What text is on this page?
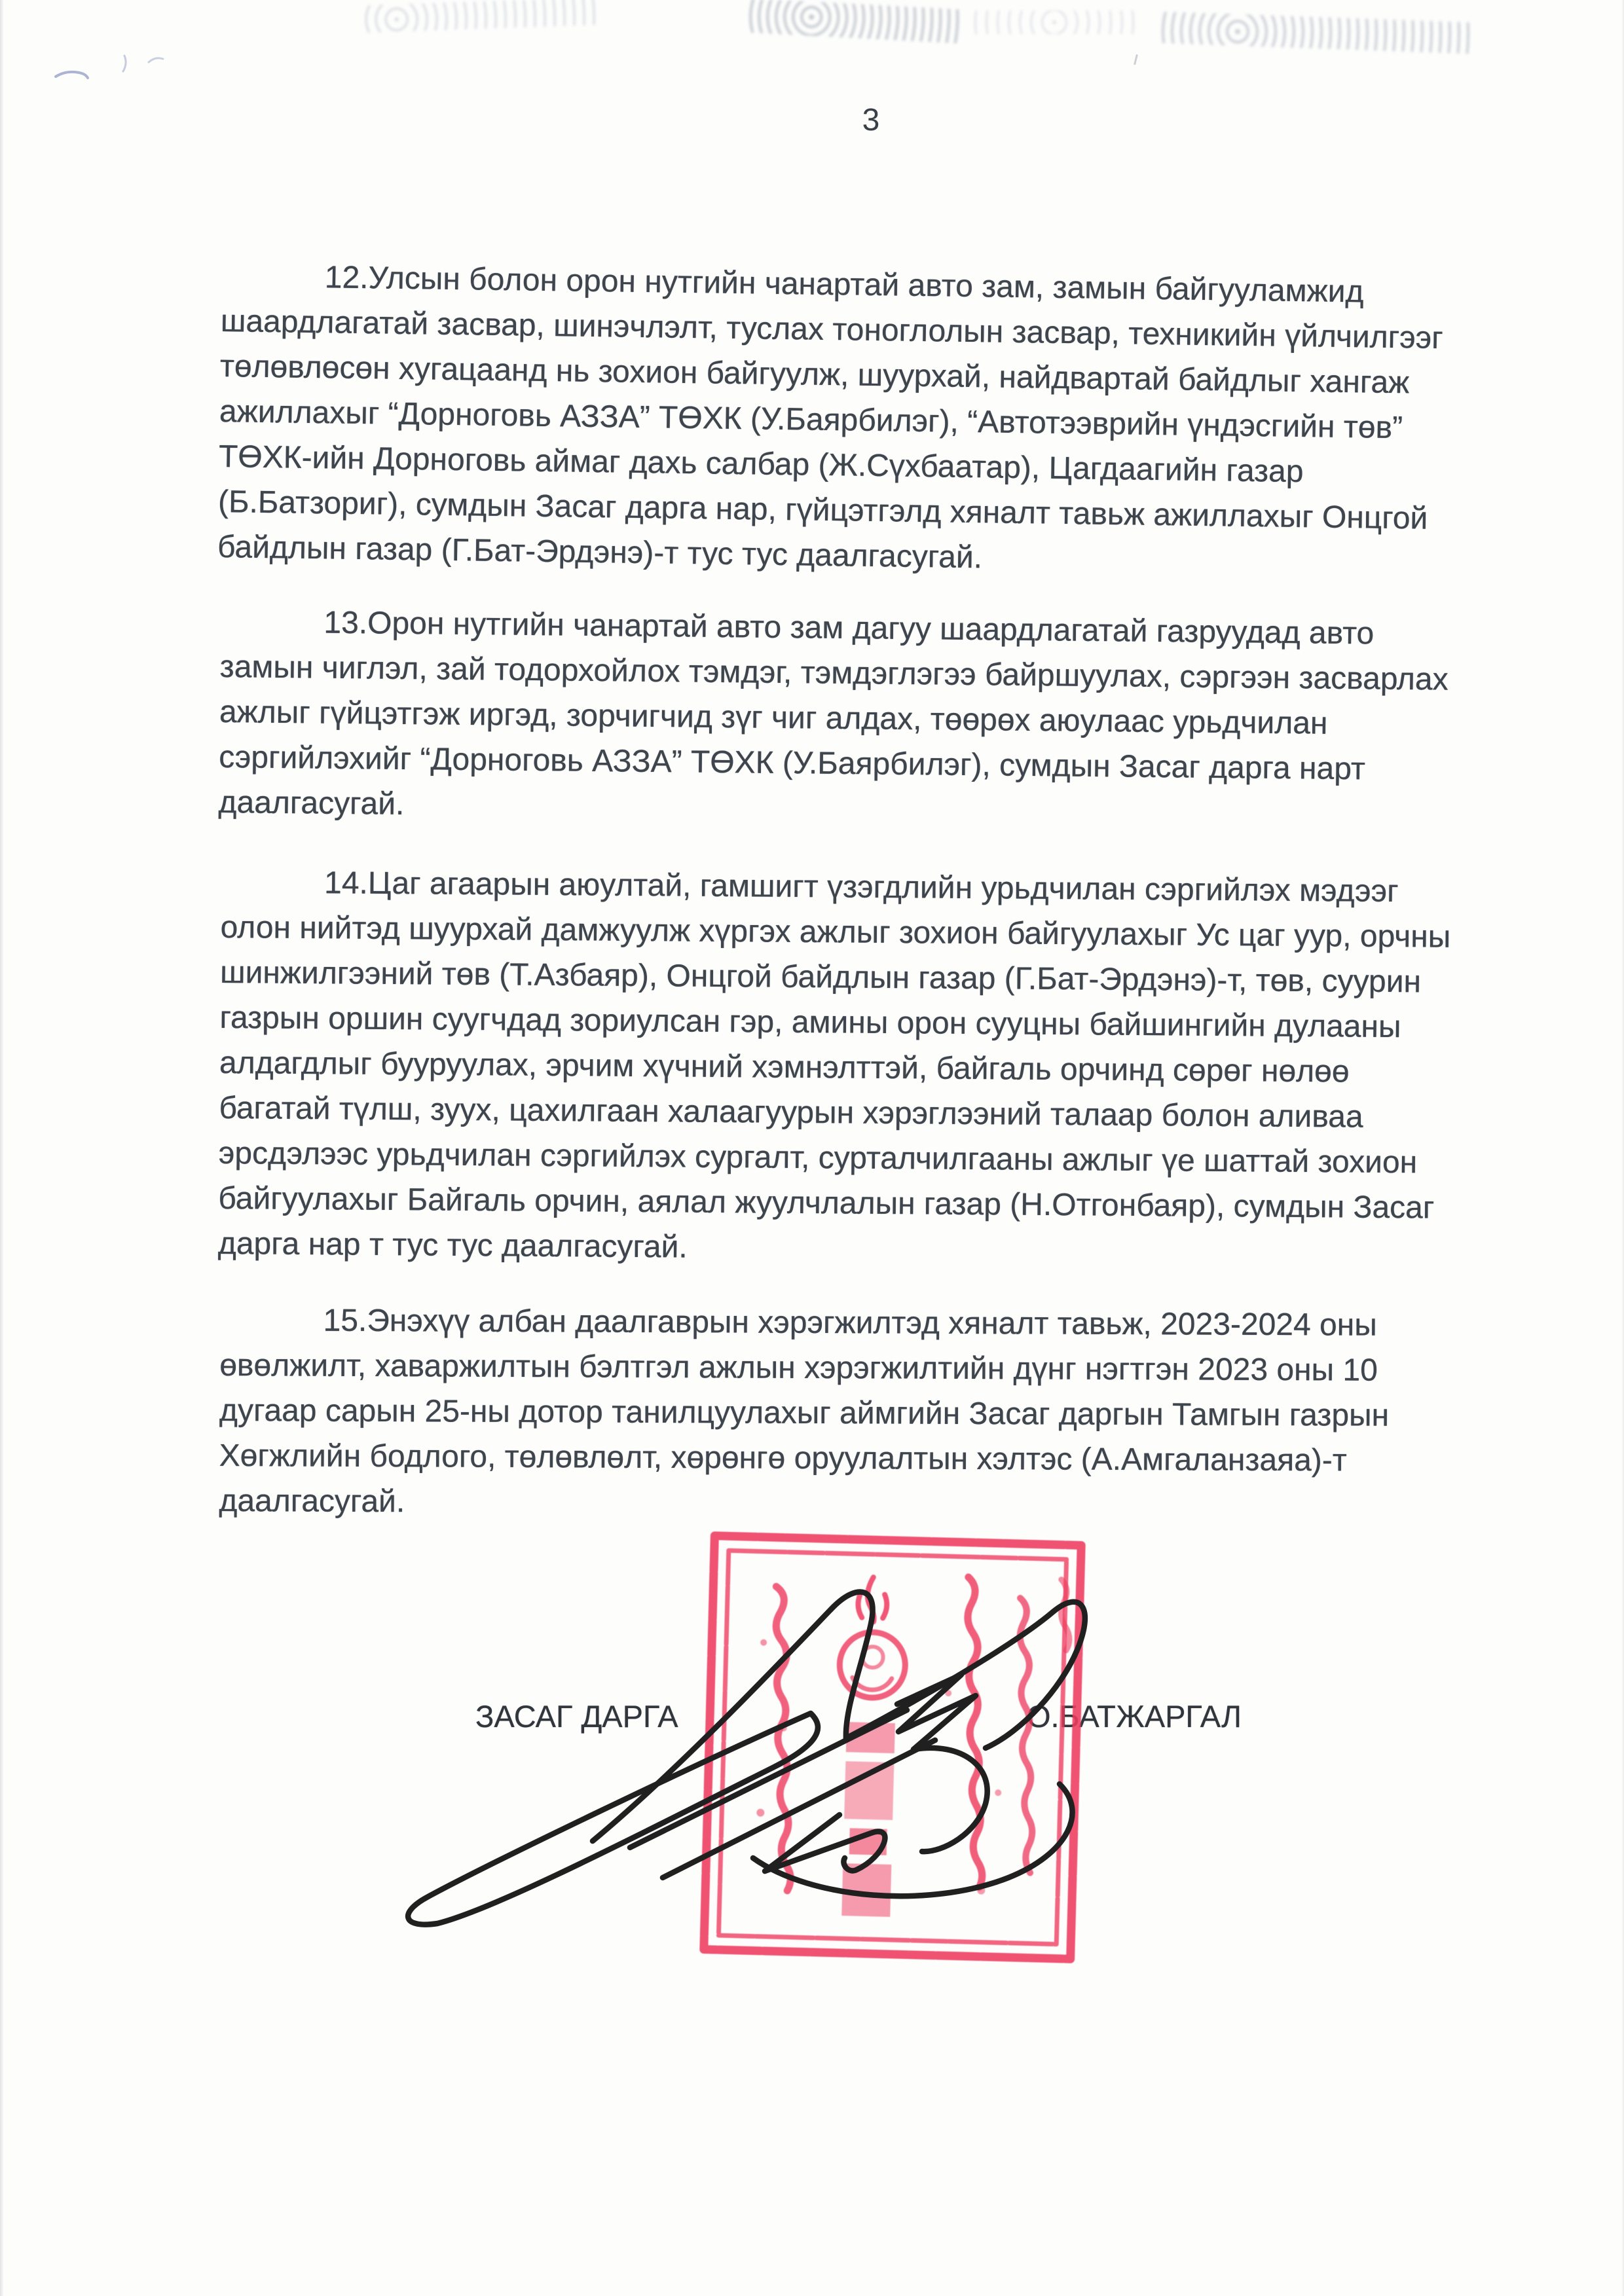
3
12.Улсын болон орон нутгийн чанартай авто зам, замын байгууламжид
шаардлагатай засвар, шинэчлэлт, туслах тоноглолын засвар, техникийн үйлчилгээг
төлөвлөсөн хугацаанд нь зохион байгуулж, шуурхай, найдвартай байдлыг хангаж
ажиллахыг “Дорноговь АЗЗА” ТӨХК (У.Баярбилэг), “Автотээврийн үндэсгийн төв”
ТӨХК-ийн Дорноговь аймаг дахь салбар (Ж.Сүхбаатар), Цагдаагийн газар
(Б.Батзориг), сумдын Засаг дарга нар, гүйцэтгэлд хяналт тавьж ажиллахыг Онцгой
байдлын газар (Г.Бат-Эрдэнэ)-т тус тус даалгасугай.
13.Орон нутгийн чанартай авто зам дагуу шаардлагатай газруудад авто
замын чиглэл, зай тодорхойлох тэмдэг, тэмдэглэгээ байршуулах, сэргээн засварлах
ажлыг гүйцэтгэж иргэд, зорчигчид зүг чиг алдах, төөрөх аюулаас урьдчилан
сэргийлэхийг “Дорноговь АЗЗА” ТӨХК (У.Баярбилэг), сумдын Засаг дарга нарт
даалгасугай.
14.Цаг агаарын аюултай, гамшигт үзэгдлийн урьдчилан сэргийлэх мэдээг
олон нийтэд шуурхай дамжуулж хүргэх ажлыг зохион байгуулахыг Ус цаг уур, орчны
шинжилгээний төв (Т.Азбаяр), Онцгой байдлын газар (Г.Бат-Эрдэнэ)-т, төв, суурин
газрын оршин суугчдад зориулсан гэр, амины орон сууцны байшингийн дулааны
алдагдлыг бууруулах, эрчим хүчний хэмнэлттэй, байгаль орчинд сөрөг нөлөө
багатай түлш, зуух, цахилгаан халаагуурын хэрэглээний талаар болон аливаа
эрсдэлээс урьдчилан сэргийлэх сургалт, сурталчилгааны ажлыг үе шаттай зохион
байгуулахыг Байгаль орчин, аялал жуулчлалын газар (Н.Отгонбаяр), сумдын Засаг
дарга нар т тус тус даалгасугай.
15.Энэхүү албан даалгаврын хэрэгжилтэд хяналт тавьж, 2023-2024 оны
өвөлжилт, хаваржилтын бэлтгэл ажлын хэрэгжилтийн дүнг нэгтгэн 2023 оны 10
дугаар сарын 25-ны дотор танилцуулахыг аймгийн Засаг даргын Тамгын газрын
Хөгжлийн бодлого, төлөвлөлт, хөрөнгө оруулалтын хэлтэс (А.Амгаланзаяа)-т
даалгасугай.
ЗАСАГ ДАРГА	О.БАТЖАРГАЛ
